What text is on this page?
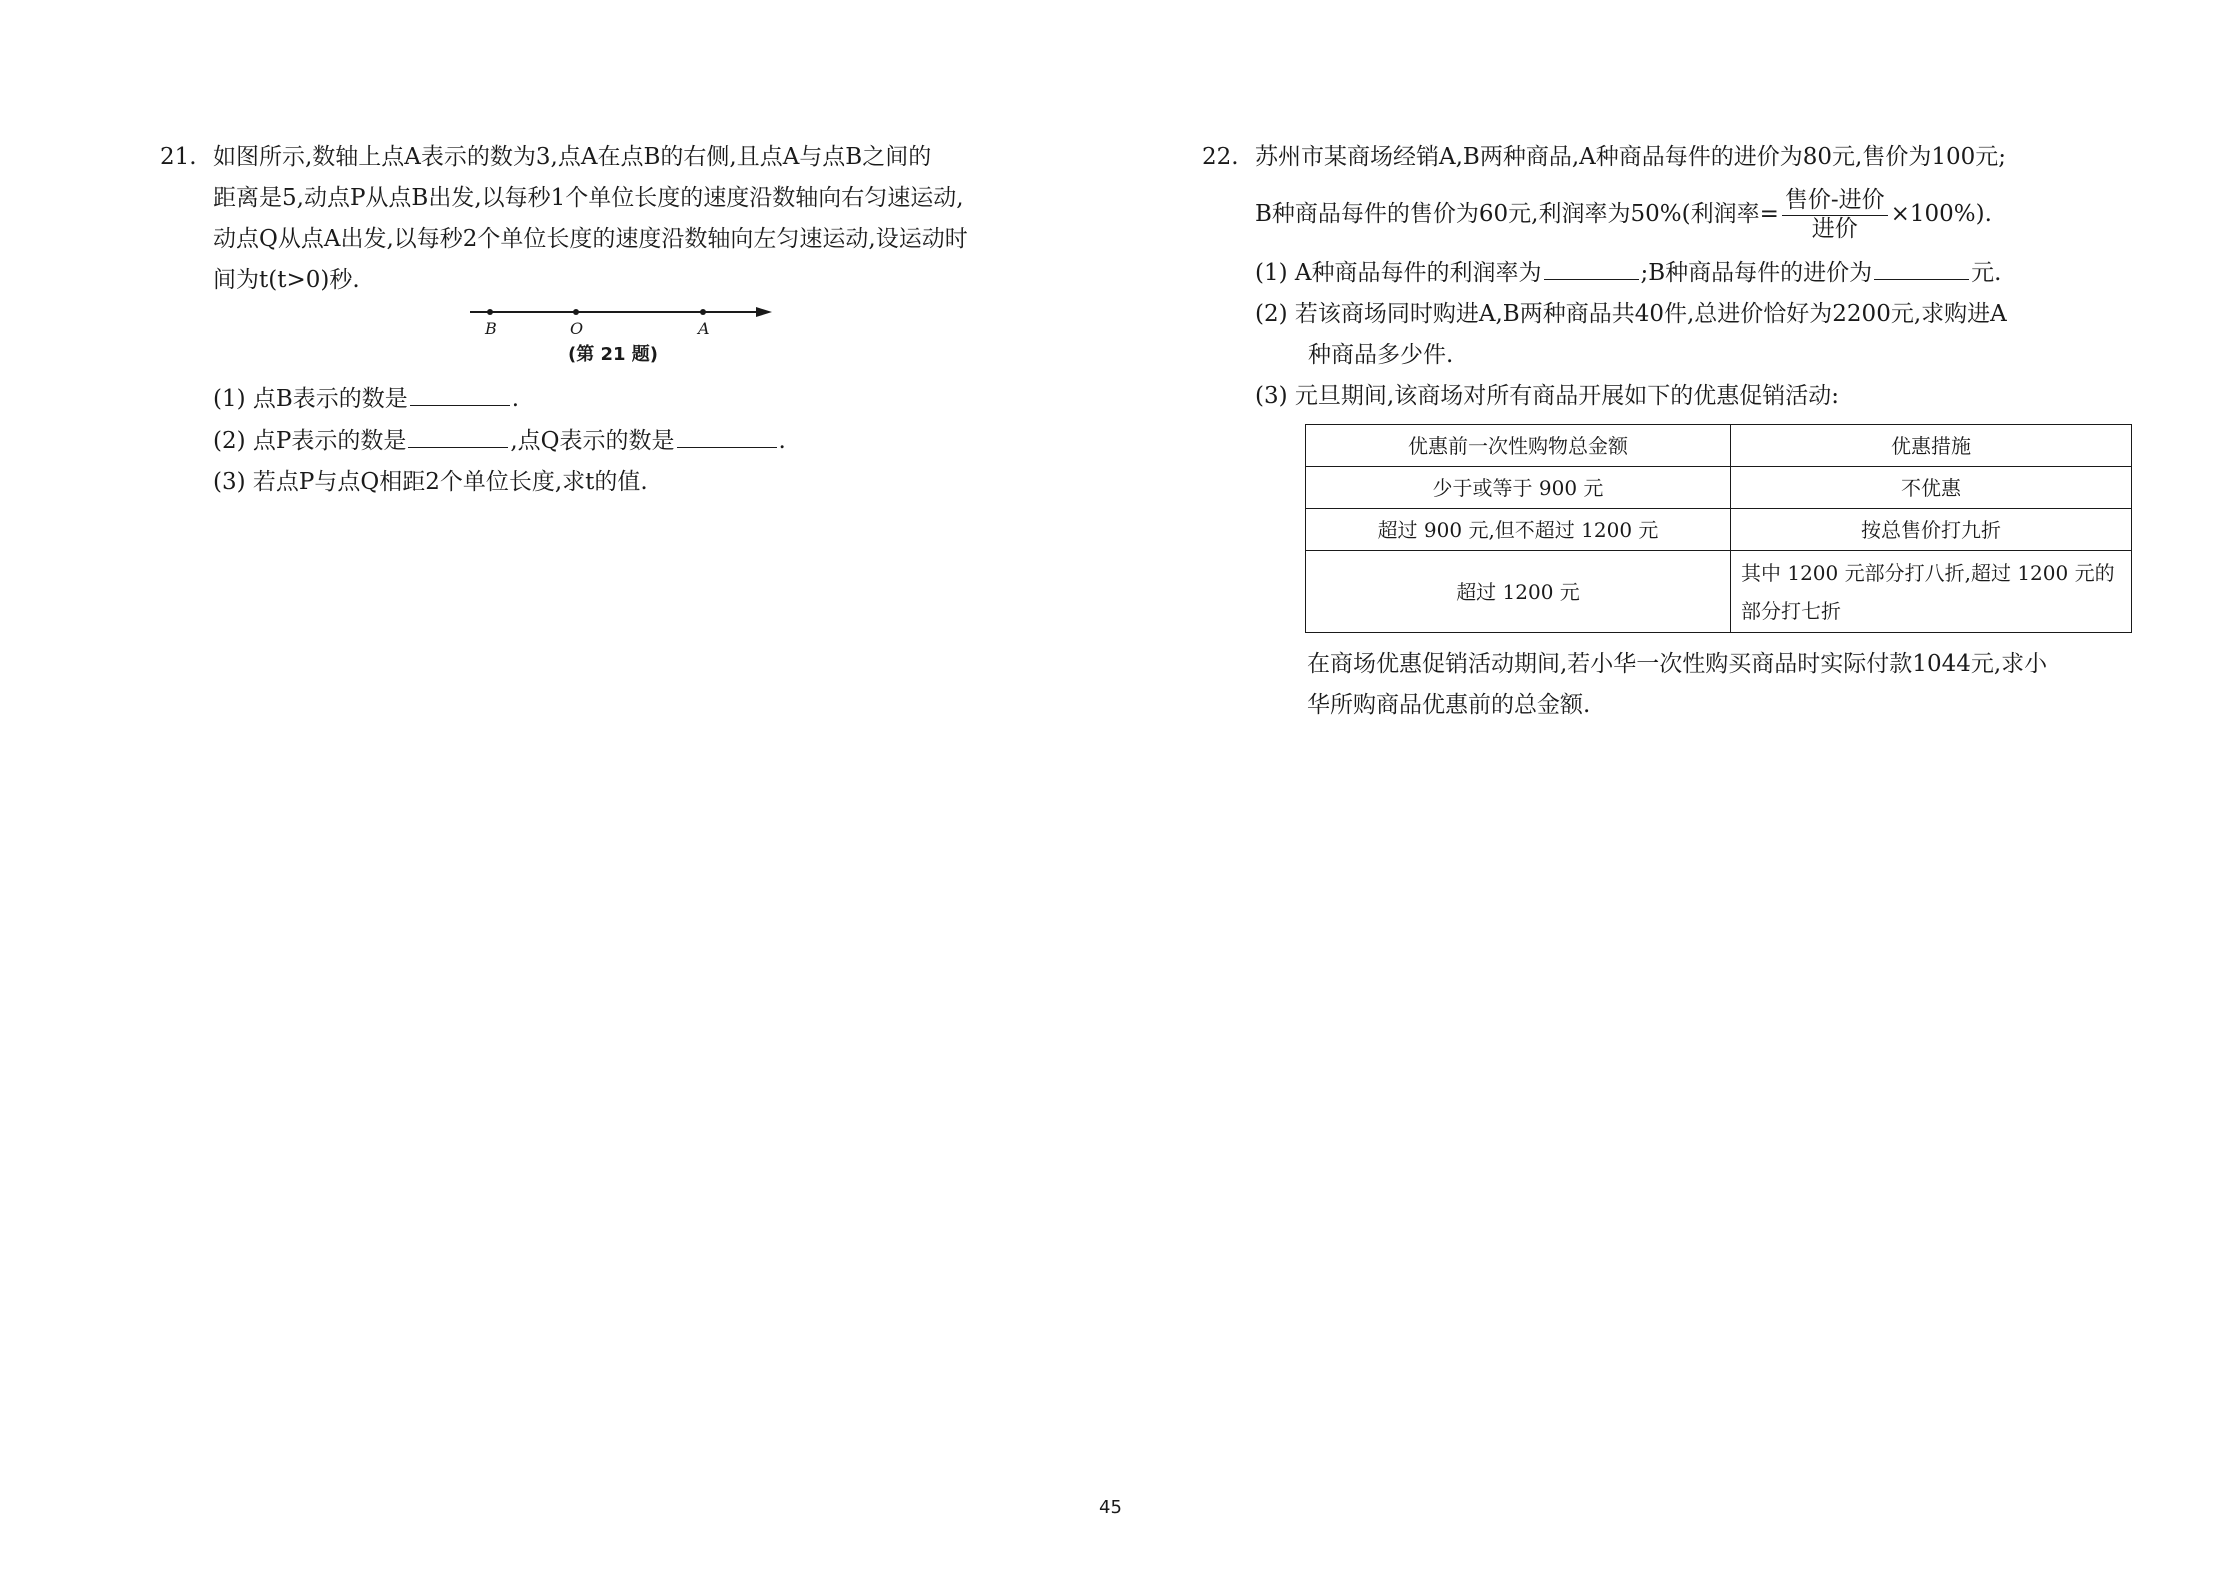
21. 如图所示,数轴上点A表示的数为3,点A在点B的右侧,且点A与点B之间的
距离是5,动点P从点B出发,以每秒1个单位长度的速度沿数轴向右匀速运动,
动点Q从点A出发,以每秒2个单位长度的速度沿数轴向左匀速运动,设运动时
间为t(t>0)秒.
B	O	A
(第 21 题)
(1) 点B表示的数是	.
(2) 点P表示的数是	,点Q表示的数是	.
(3) 若点P与点Q相距2个单位长度,求t的值.
22. 苏州市某商场经销A,B两种商品,A种商品每件的进价为80元,售价为100元;
B种商品每件的售价为60元,利润率为50%(利润率= $\frac{\text{售价-进价}}{\text{进价}} \times 100\%$).
(1) A种商品每件的利润率为	;B种商品每件的进价为	元.
(2) 若该商场同时购进A,B两种商品共40件,总进价恰好为2200元,求购进A
种商品多少件.
(3) 元旦期间,该商场对所有商品开展如下的优惠促销活动:
优惠前一次性购物总金额	优惠措施
少于或等于 900 元	不优惠
超过 900 元,但不超过 1200 元	按总售价打九折
超过 1200 元	其中 1200 元部分打八折,超过 1200 元的部分打七折
在商场优惠促销活动期间,若小华一次性购买商品时实际付款1044元,求小
华所购商品优惠前的总金额.
45
